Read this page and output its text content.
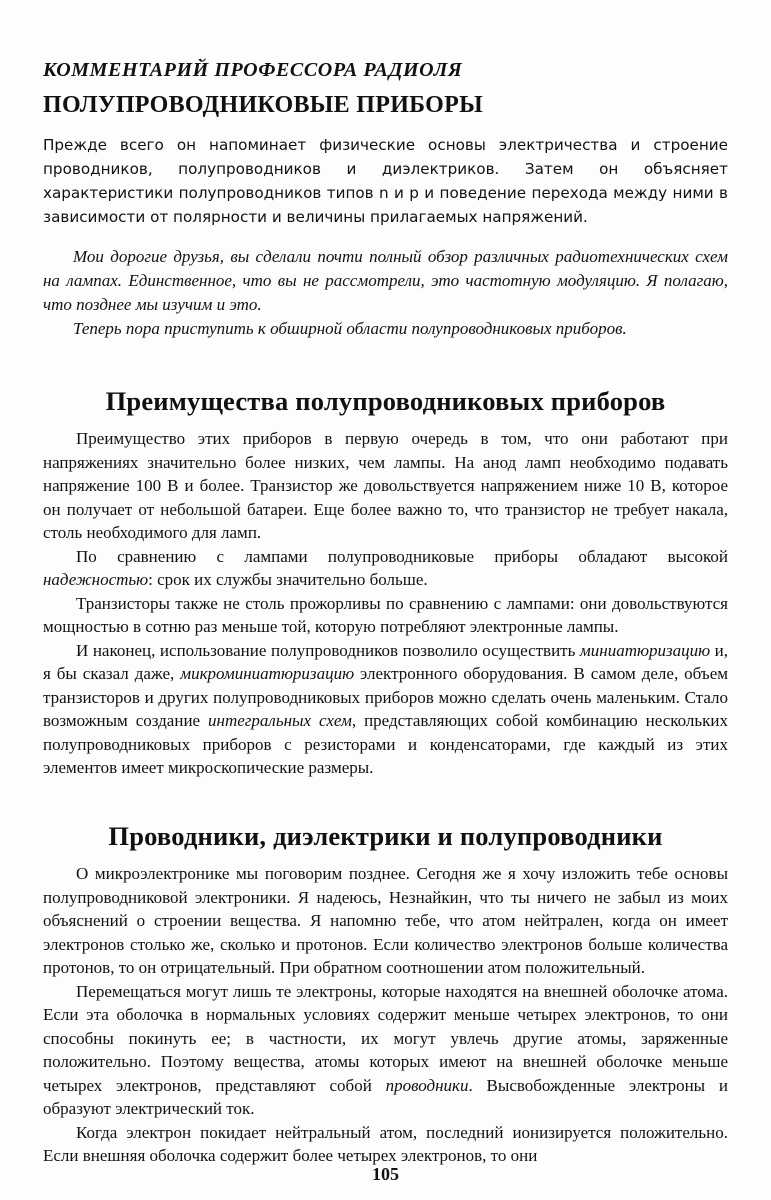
КОММЕНТАРИЙ ПРОФЕССОРА РАДИОЛЯ
ПОЛУПРОВОДНИКОВЫЕ ПРИБОРЫ
Прежде всего он напоминает физические основы электричества и строение проводников, полупроводников и диэлектриков. Затем он объясняет характеристики полупроводников типов n и p и поведение перехода между ними в зависимости от полярности и величины прилагаемых напряжений.

Мои дорогие друзья, вы сделали почти полный обзор различных радиотехнических схем на лампах. Единственное, что вы не рассмотрели, это частотную модуляцию. Я полагаю, что позднее мы изучим и это.

Теперь пора приступить к обширной области полупроводниковых приборов.

Преимущества полупроводниковых приборов

Преимущество этих приборов в первую очередь в том, что они работают при напряжениях значительно более низких, чем лампы. На анод ламп необходимо подавать напряжение 100 В и более. Транзистор же довольствуется напряжением ниже 10 В, которое он получает от небольшой батареи. Еще более важно то, что транзистор не требует накала, столь необходимого для ламп.

По сравнению с лампами полупроводниковые приборы обладают высокой надежностью: срок их службы значительно больше.

Транзисторы также не столь прожорливы по сравнению с лампами: они довольствуются мощностью в сотню раз меньше той, которую потребляют электронные лампы.

И наконец, использование полупроводников позволило осуществить миниатюризацию и, я бы сказал даже, микроминиатюризацию электронного оборудования. В самом деле, объем транзисторов и других полупроводниковых приборов можно сделать очень маленьким. Стало возможным создание интегральных схем, представляющих собой комбинацию нескольких полупроводниковых приборов с резисторами и конденсаторами, где каждый из этих элементов имеет микроскопические размеры.

Проводники, диэлектрики и полупроводники

О микроэлектронике мы поговорим позднее. Сегодня же я хочу изложить тебе основы полупроводниковой электроники. Я надеюсь, Незнайкин, что ты ничего не забыл из моих объяснений о строении вещества. Я напомню тебе, что атом нейтрален, когда он имеет электронов столько же, сколько и протонов. Если количество электронов больше количества протонов, то он отрицательный. При обратном соотношении атом положительный.

Перемещаться могут лишь те электроны, которые находятся на внешней оболочке атома. Если эта оболочка в нормальных условиях содержит меньше четырех электронов, то они способны покинуть ее; в частности, их могут увлечь другие атомы, заряженные положительно. Поэтому вещества, атомы которых имеют на внешней оболочке меньше четырех электронов, представляют собой проводники. Высвобожденные электроны и образуют электрический ток.

Когда электрон покидает нейтральный атом, последний ионизируется положительно. Если внешняя оболочка содержит более четырех электронов, то они

105
